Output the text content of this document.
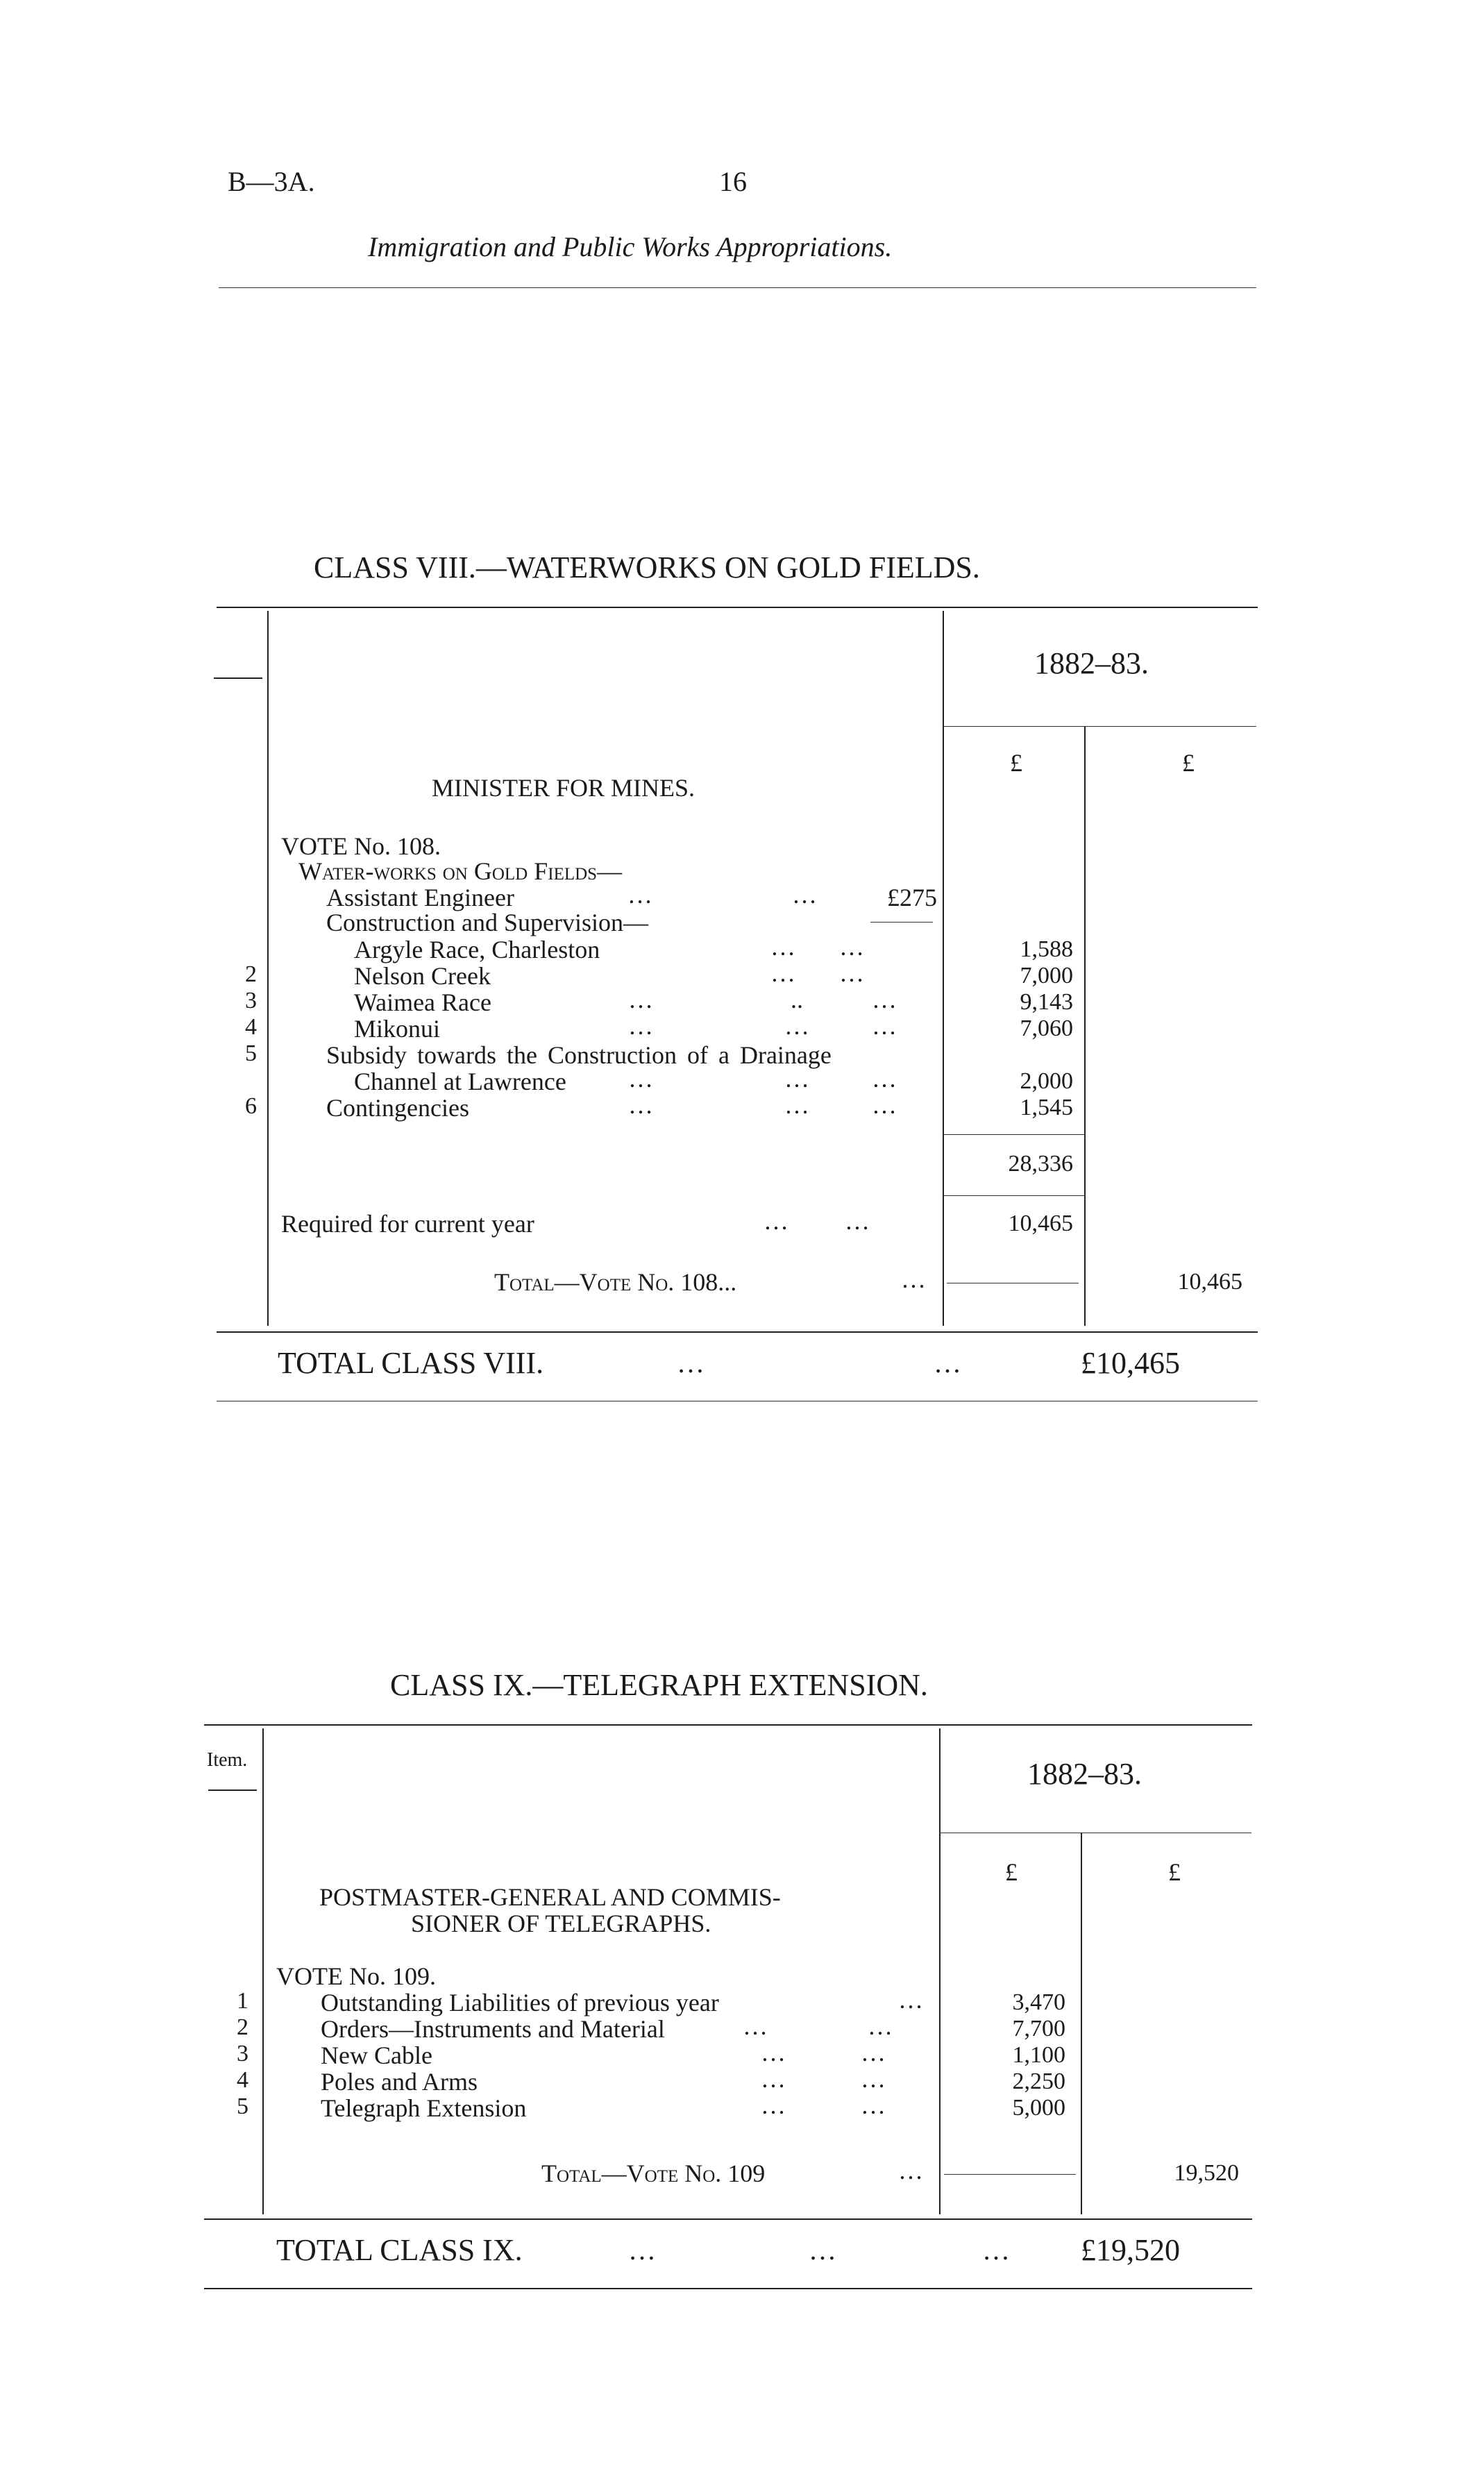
B—3A.	16
Immigration and Public Works Appropriations.
CLASS VIII.—WATERWORKS ON GOLD FIELDS.
1882–83.
£	£
MINISTER FOR MINES.
VOTE No. 108.
Water-works on Gold Fields—
Assistant Engineer	…             …	£275
Construction and Supervision—
Argyle Race, Charleston	…       …	1,588
2	Nelson Creek	…       …	7,000
3	Waimea Race	…                      ..           …	9,143
4	Mikonui	…                     …          …	7,060
5	Subsidy towards the Construction of a Drainage
Channel at Lawrence …                     …          …	2,000
6	Contingencies	…                     …          …	1,545
28,336
Required for current year	…         …	10,465
Total—Vote No. 108...	…	10,465
TOTAL CLASS VIII.	…                                 …	£10,465
CLASS IX.—TELEGRAPH EXTENSION.
Item.	1882–83.
£	£
POSTMASTER-GENERAL AND COMMIS-
SIONER OF TELEGRAPHS.
VOTE No. 109.
1	Outstanding Liabilities of previous year	…	3,470
2	Orders—Instruments and Material	…                …	7,700
3	New Cable	…            …	1,100
4	Poles and Arms	…            …	2,250
5	Telegraph Extension	…            …	5,000
Total—Vote No. 109	…	19,520
TOTAL CLASS IX.	…                      …                     …	£19,520
